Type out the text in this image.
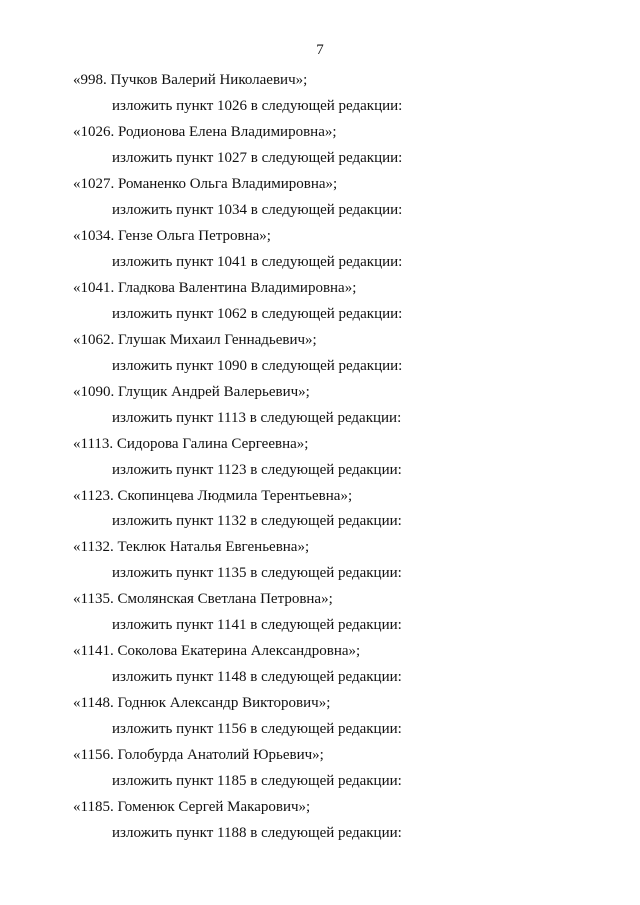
7
«998. Пучков Валерий Николаевич»;
изложить пункт 1026 в следующей редакции:
«1026. Родионова Елена Владимировна»;
изложить пункт 1027 в следующей редакции:
«1027. Романенко Ольга Владимировна»;
изложить пункт 1034 в следующей редакции:
«1034. Гензе Ольга Петровна»;
изложить пункт 1041 в следующей редакции:
«1041. Гладкова Валентина Владимировна»;
изложить пункт 1062 в следующей редакции:
«1062. Глушак Михаил Геннадьевич»;
изложить пункт 1090 в следующей редакции:
«1090. Глущик Андрей Валерьевич»;
изложить пункт 1113 в следующей редакции:
«1113. Сидорова Галина Сергеевна»;
изложить пункт 1123 в следующей редакции:
«1123. Скопинцева Людмила Терентьевна»;
изложить пункт 1132 в следующей редакции:
«1132. Теклюк Наталья Евгеньевна»;
изложить пункт 1135 в следующей редакции:
«1135. Смолянская Светлана Петровна»;
изложить пункт 1141 в следующей редакции:
«1141. Соколова Екатерина Александровна»;
изложить пункт 1148 в следующей редакции:
«1148. Годнюк Александр Викторович»;
изложить пункт 1156 в следующей редакции:
«1156. Голобурда Анатолий Юрьевич»;
изложить пункт 1185 в следующей редакции:
«1185. Гоменюк Сергей Макарович»;
изложить пункт 1188 в следующей редакции:
